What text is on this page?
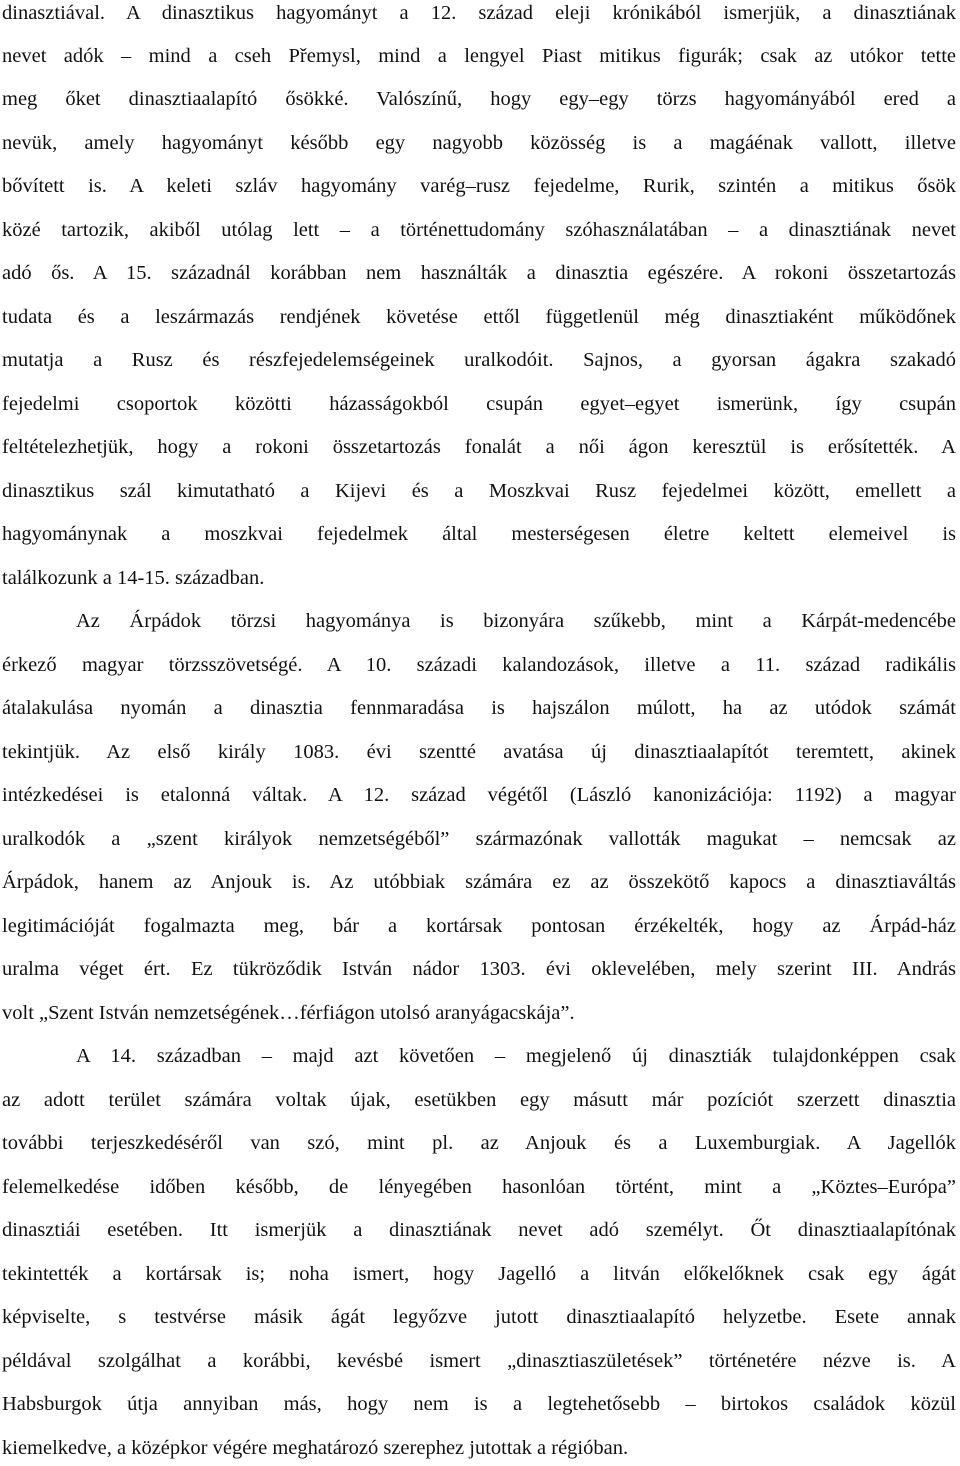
dinasztiával. A dinasztikus hagyományt a 12. század eleji krónikából ismerjük, a dinasztiának
nevet adók – mind a cseh Přemysl, mind a lengyel Piast mitikus figurák; csak az utókor tette
meg őket dinasztiaalapító ősökké. Valószínű, hogy egy–egy törzs hagyományából ered a
nevük, amely hagyományt később egy nagyobb közösség is a magáénak vallott, illetve
bővített is. A keleti szláv hagyomány varég–rusz fejedelme, Rurik, szintén a mitikus ősök
közé tartozik, akiből utólag lett – a történettudomány szóhasználatában – a dinasztiának nevet
adó ős. A 15. századnál korábban nem használták a dinasztia egészére. A rokoni összetartozás
tudata és a leszármazás rendjének követése ettől függetlenül még dinasztiaként működőnek
mutatja a Rusz és részfejedelemségeinek uralkodóit. Sajnos, a gyorsan ágakra szakadó
fejedelmi csoportok közötti házasságokból csupán egyet–egyet ismerünk, így csupán
feltételezhetjük, hogy a rokoni összetartozás fonalát a női ágon keresztül is erősítették. A
dinasztikus szál kimutatható a Kijevi és a Moszkvai Rusz fejedelmei között, emellett a
hagyománynak a moszkvai fejedelmek által mesterségesen életre keltett elemeivel is
találkozunk a 14-15. században.
Az Árpádok törzsi hagyománya is bizonyára szűkebb, mint a Kárpát-medencébe
érkező magyar törzsszövetségé. A 10. századi kalandozások, illetve a 11. század radikális
átalakulása nyomán a dinasztia fennmaradása is hajszálon múlott, ha az utódok számát
tekintjük. Az első király 1083. évi szentté avatása új dinasztiaalapítót teremtett, akinek
intézkedései is etalonná váltak. A 12. század végétől (László kanonizációja: 1192) a magyar
uralkodók a „szent királyok nemzetségéből” származónak vallották magukat – nemcsak az
Árpádok, hanem az Anjouk is. Az utóbbiak számára ez az összekötő kapocs a dinasztiaváltás
legitimációját fogalmazta meg, bár a kortársak pontosan érzékelték, hogy az Árpád-ház
uralma véget ért. Ez tükröződik István nádor 1303. évi oklevelében, mely szerint III. András
volt „Szent István nemzetségének…férfiágon utolsó aranyágacskája”.
A 14. században – majd azt követően – megjelenő új dinasztiák tulajdonképpen csak
az adott terület számára voltak újak, esetükben egy másutt már pozíciót szerzett dinasztia
további terjeszkedéséről van szó, mint pl. az Anjouk és a Luxemburgiak. A Jagellók
felemelkedése időben később, de lényegében hasonlóan történt, mint a „Köztes–Európa”
dinasztiái esetében. Itt ismerjük a dinasztiának nevet adó személyt. Őt dinasztiaalapítónak
tekintették a kortársak is; noha ismert, hogy Jagelló a litván előkelőknek csak egy ágát
képviselte, s testvérse másik ágát legyőzve jutott dinasztiaalapító helyzetbe. Esete annak
példával szolgálhat a korábbi, kevésbé ismert „dinasztiaszületések” történetére nézve is. A
Habsburgok útja annyiban más, hogy nem is a legtehetősebb – birtokos családok közül
kiemelkedve, a középkor végére meghatározó szerephez jutottak a régióban.
